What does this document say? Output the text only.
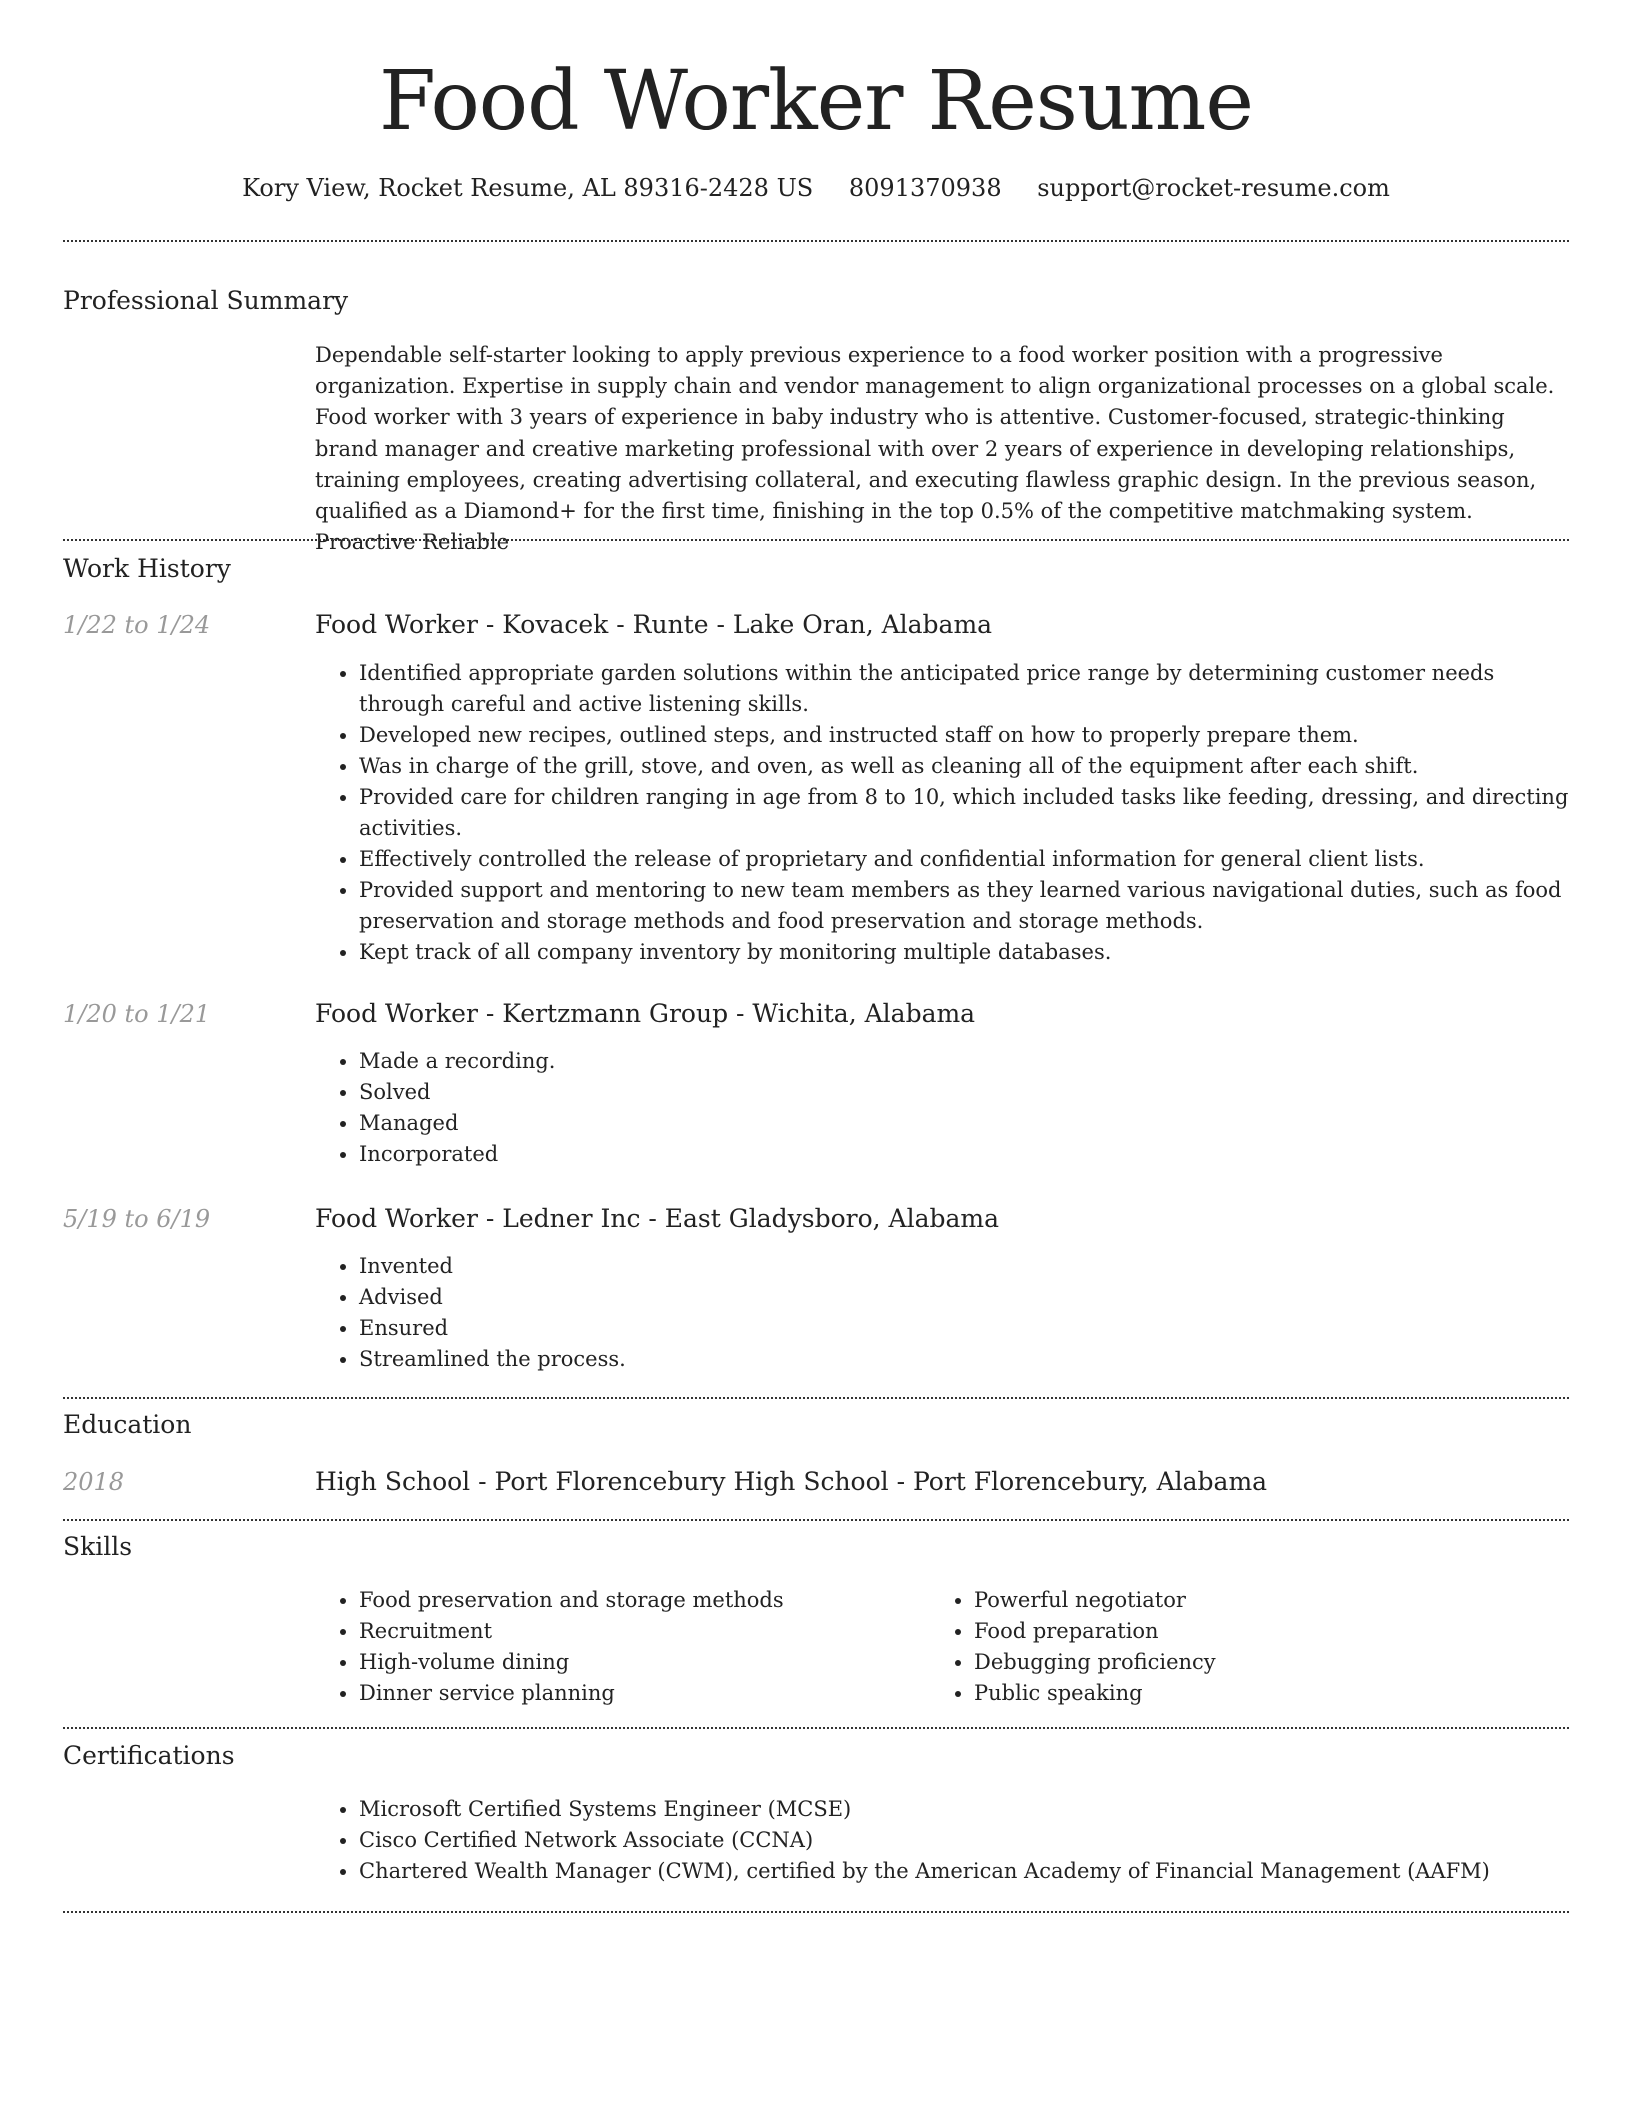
Food Worker Resume
Kory View, Rocket Resume, AL 89316-2428 US 8091370938 support@rocket-resume.com
Professional Summary

Dependable self-starter looking to apply previous experience to a food worker position with a progressive organization. Expertise in supply chain and vendor management to align organizational processes on a global scale. Food worker with 3 years of experience in baby industry who is attentive. Customer-focused, strategic-thinking brand manager and creative marketing professional with over 2 years of experience in developing relationships, training employees, creating advertising collateral, and executing flawless graphic design. In the previous season, qualified as a Diamond+ for the first time, finishing in the top 0.5% of the competitive matchmaking system. Proactive Reliable

Work History
1/22 to 1/24	Food Worker - Kovacek - Runte - Lake Oran, Alabama
• Identified appropriate garden solutions within the anticipated price range by determining customer needs through careful and active listening skills.
• Developed new recipes, outlined steps, and instructed staff on how to properly prepare them.
• Was in charge of the grill, stove, and oven, as well as cleaning all of the equipment after each shift.
• Provided care for children ranging in age from 8 to 10, which included tasks like feeding, dressing, and directing activities.
• Effectively controlled the release of proprietary and confidential information for general client lists.
• Provided support and mentoring to new team members as they learned various navigational duties, such as food preservation and storage methods and food preservation and storage methods.
• Kept track of all company inventory by monitoring multiple databases.
1/20 to 1/21	Food Worker - Kertzmann Group - Wichita, Alabama
• Made a recording.
• Solved
• Managed
• Incorporated
5/19 to 6/19	Food Worker - Ledner Inc - East Gladysboro, Alabama
• Invented
• Advised
• Ensured
• Streamlined the process.
Education
2018	High School - Port Florencebury High School - Port Florencebury, Alabama
Skills
• Food preservation and storage methods
• Recruitment
• High-volume dining
• Dinner service planning
• Powerful negotiator
• Food preparation
• Debugging proficiency
• Public speaking
Certifications
• Microsoft Certified Systems Engineer (MCSE)
• Cisco Certified Network Associate (CCNA)
• Chartered Wealth Manager (CWM), certified by the American Academy of Financial Management (AAFM)
